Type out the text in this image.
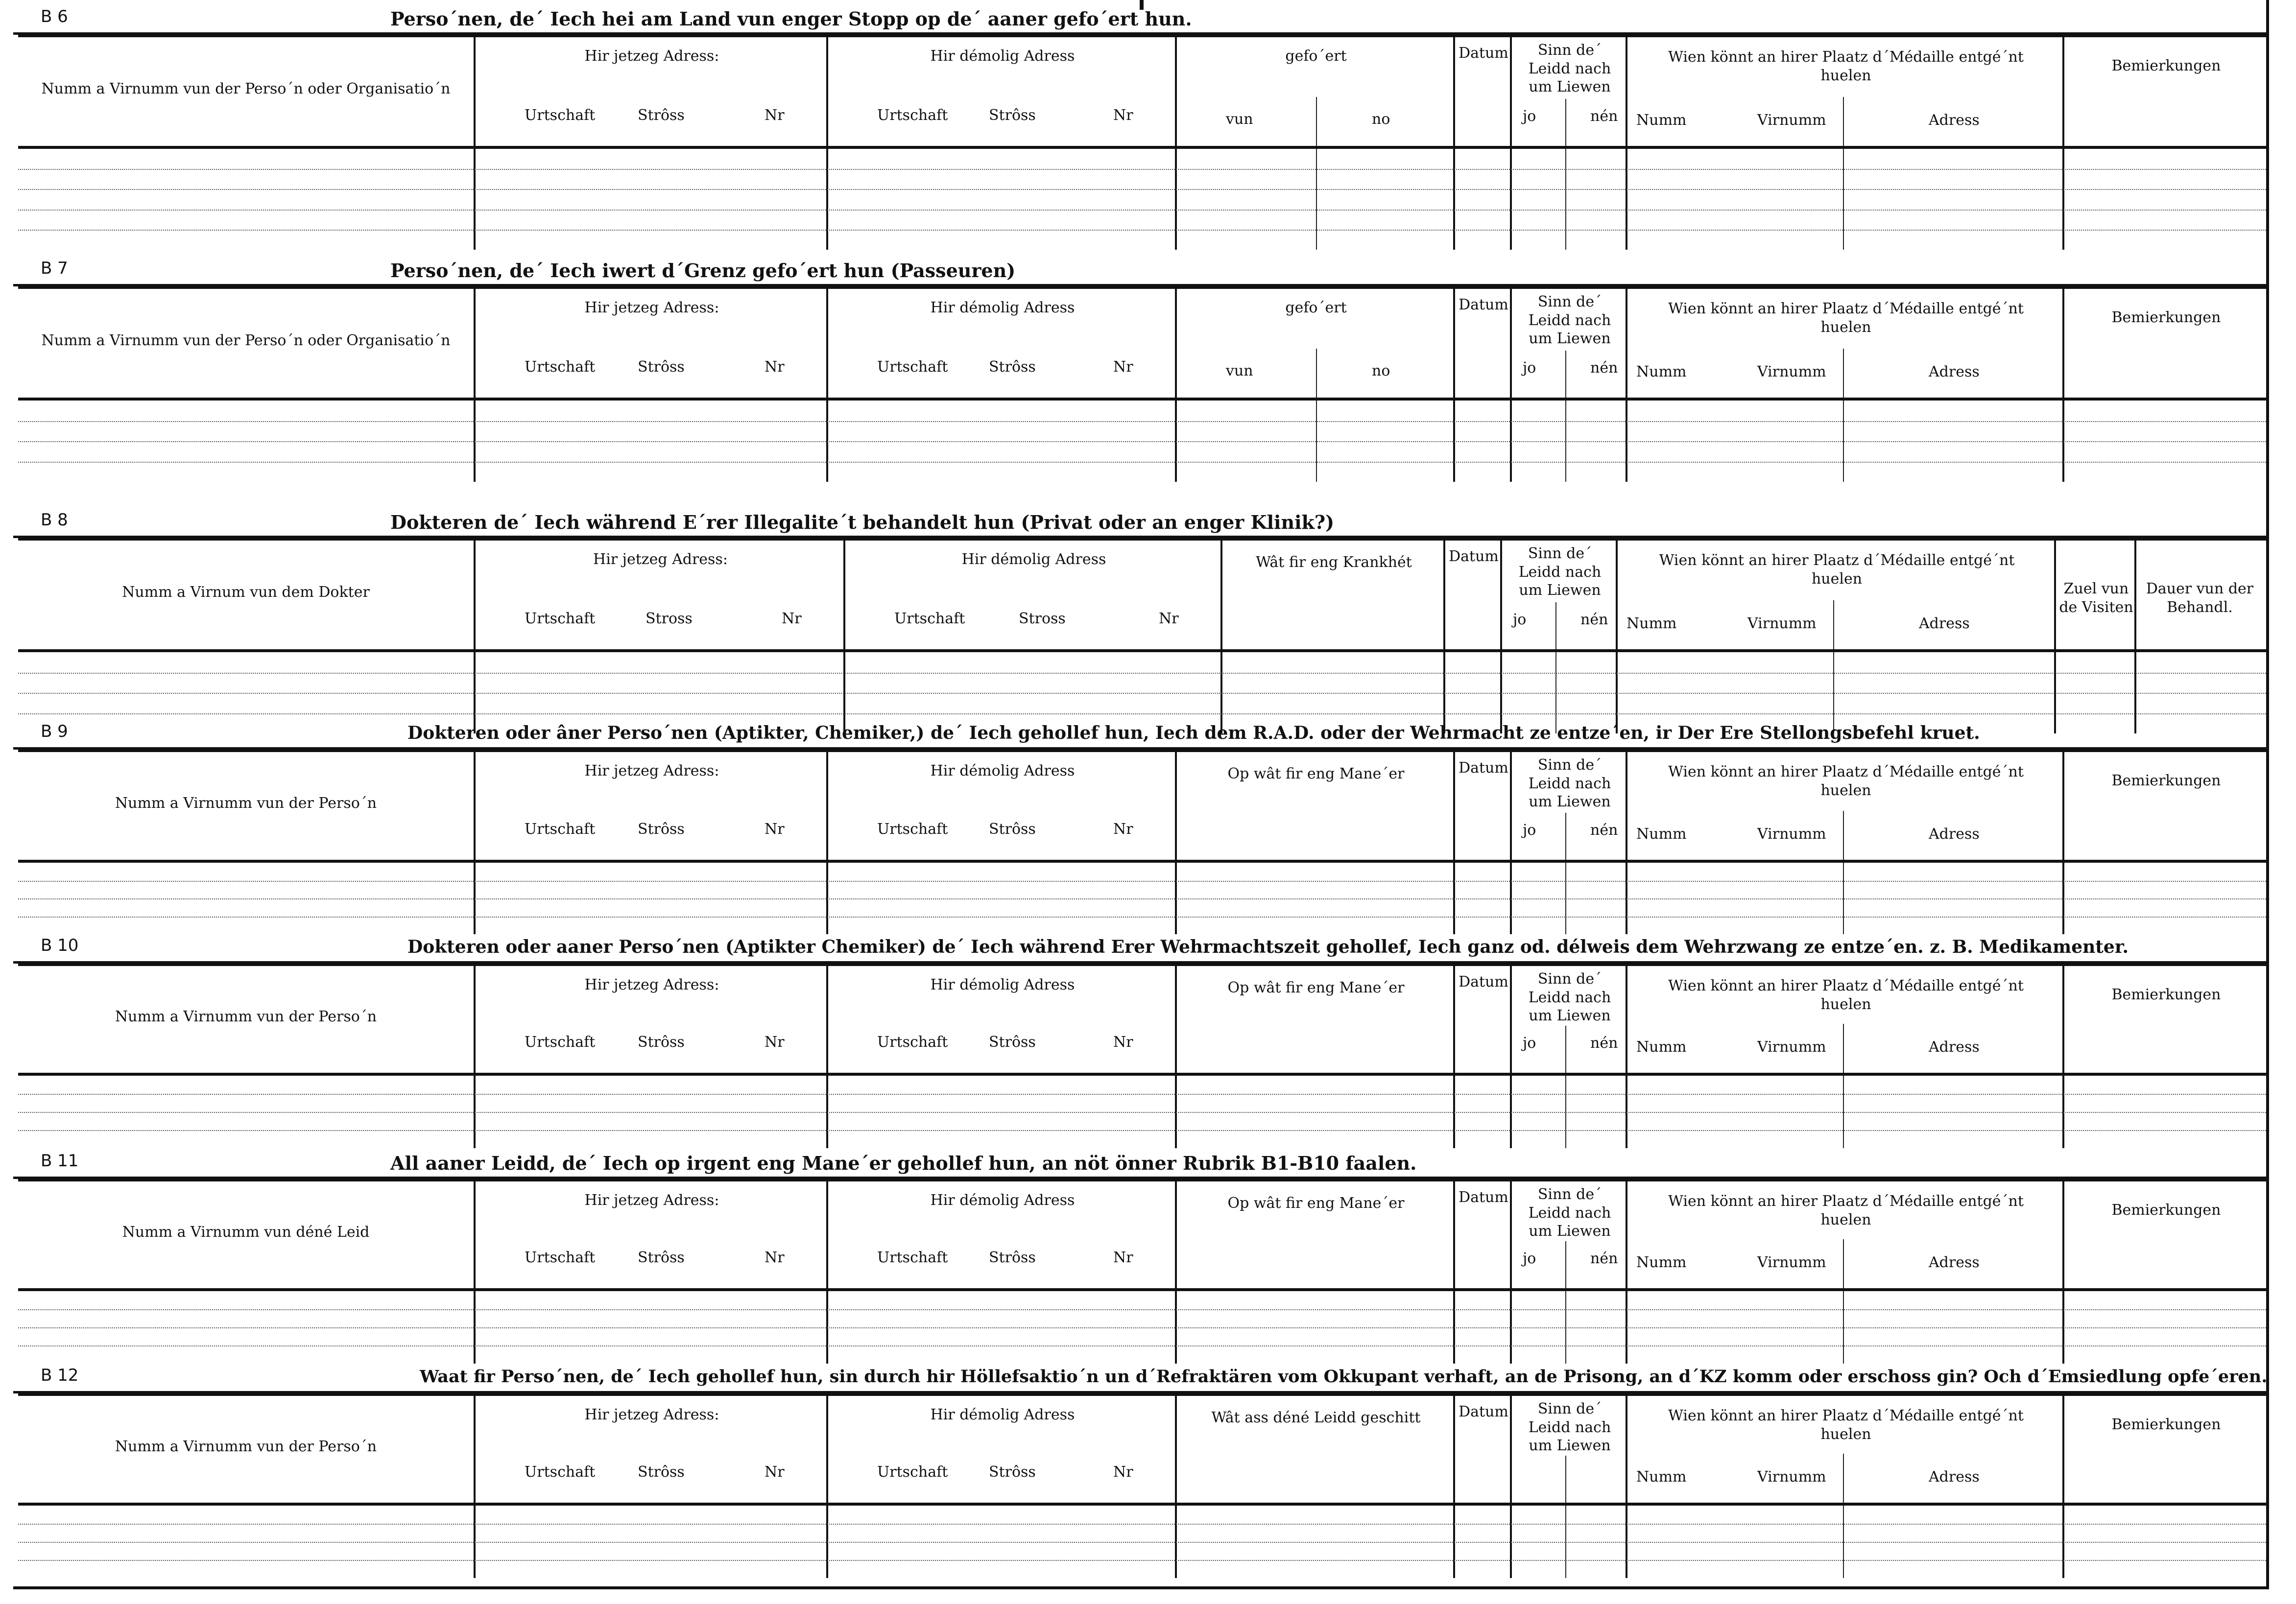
B 6	Perso´nen, de´ Iech hei am Land vun enger Stopp op de´ aaner gefo´ert hun.
Numm a Virnumm vun der Perso´n oder Organisatio´n
Hir jetzeg Adress:
Urtschaft	Strôss	Nr
Hir démolig Adress
Urtschaft	Strôss	Nr
gefo´ert
vun	no
Datum	Sinn de´ Leidd nach um Liewen
jo	nén
Wien könnt an hirer Plaatz d´Médaille entgé´nt huelen
Numm	Virnumm	Adress
Bemierkungen
B 7	Perso´nen, de´ Iech iwert d´Grenz gefo´ert hun (Passeuren)
Numm a Virnumm vun der Perso´n oder Organisatio´n
Hir jetzeg Adress:
Urtschaft	Strôss	Nr
Hir démolig Adress
Urtschaft	Strôss	Nr
gefo´ert
vun	no
Datum	Sinn de´ Leidd nach um Liewen
jo	nén
Wien könnt an hirer Plaatz d´Médaille entgé´nt huelen
Numm	Virnumm	Adress
Bemierkungen
B 8	Dokteren de´ Iech während E´rer Illegalite´t behandelt hun (Privat oder an enger Klinik?)
Numm a Virnum vun dem Dokter
Hir jetzeg Adress:
Urtschaft	Stross	Nr
Hir démolig Adress
Urtschaft	Stross	Nr
Wât fir eng Krankhét	Datum	Sinn de´ Leidd nach um Liewen
jo	nén
Wien könnt an hirer Plaatz d´Médaille entgé´nt huelen
Numm	Virnumm	Adress
Zuel vun de Visiten
Dauer vun der Behandl.
B 9	Dokteren oder âner Perso´nen (Aptikter, Chemiker,) de´ Iech gehollef hun, Iech dem R.A.D. oder der Wehrmacht ze entze´en, ir Der Ere Stellongsbefehl kruet.
Numm a Virnumm vun der Perso´n
Hir jetzeg Adress:
Urtschaft	Strôss	Nr
Hir démolig Adress
Urtschaft	Strôss	Nr
Op wât fir eng Mane´er	Datum	Sinn de´ Leidd nach um Liewen
jo	nén
Wien könnt an hirer Plaatz d´Médaille entgé´nt huelen
Numm	Virnumm	Adress
Bemierkungen
B 10	Dokteren oder aaner Perso´nen (Aptikter Chemiker) de´ Iech während Erer Wehrmachtszeit gehollef, Iech ganz od. délweis dem Wehrzwang ze entze´en. z. B. Medikamenter.
Numm a Virnumm vun der Perso´n
Hir jetzeg Adress:
Urtschaft	Strôss	Nr
Hir démolig Adress
Urtschaft	Strôss	Nr
Op wât fir eng Mane´er	Datum	Sinn de´ Leidd nach um Liewen
jo	nén
Wien könnt an hirer Plaatz d´Médaille entgé´nt huelen
Numm	Virnumm	Adress
Bemierkungen
B 11	All aaner Leidd, de´ Iech op irgent eng Mane´er gehollef hun, an nöt önner Rubrik B1-B10 faalen.
Numm a Virnumm vun déné Leid
Hir jetzeg Adress:
Urtschaft	Strôss	Nr
Hir démolig Adress
Urtschaft	Strôss	Nr
Op wât fir eng Mane´er	Datum	Sinn de´ Leidd nach um Liewen
jo	nén
Wien könnt an hirer Plaatz d´Médaille entgé´nt huelen
Numm	Virnumm	Adress
Bemierkungen
B 12	Waat fir Perso´nen, de´ Iech gehollef hun, sin durch hir Höllefsaktio´n un d´Refraktären vom Okkupant verhaft, an de Prisong, an d´KZ komm oder erschoss gin? Och d´Emsiedlung opfe´eren.
Numm a Virnumm vun der Perso´n
Hir jetzeg Adress:
Urtschaft	Strôss	Nr
Hir démolig Adress
Urtschaft	Strôss	Nr
Wât ass déné Leidd geschitt	Datum	Sinn de´ Leidd nach um Liewen
Wien könnt an hirer Plaatz d´Médaille entgé´nt huelen
Numm	Virnumm	Adress
Bemierkungen
